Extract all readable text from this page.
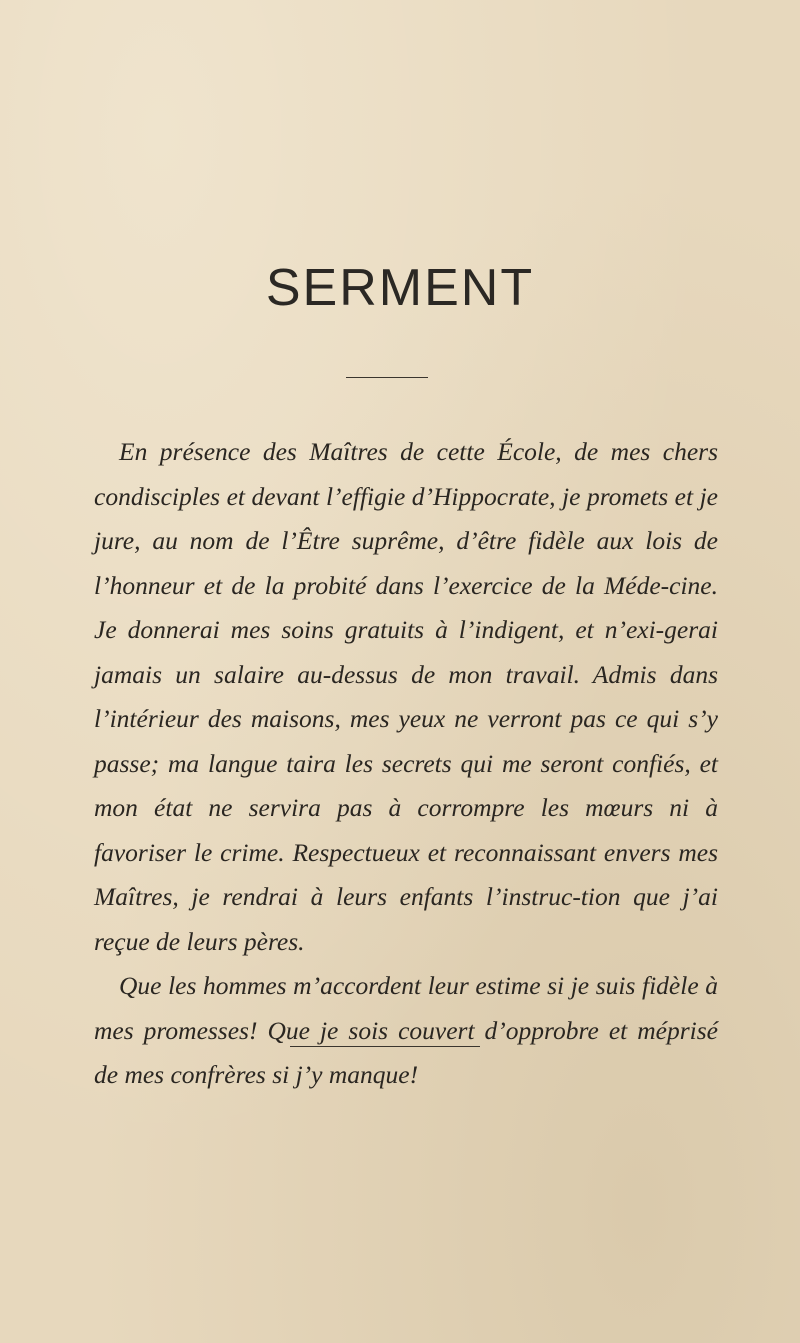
SERMENT

En présence des Maîtres de cette École, de mes chers condisciples et devant l’effigie d’Hippocrate, je promets et je jure, au nom de l’Être suprême, d’être fidèle aux lois de l’honneur et de la probité dans l’exercice de la Méde-cine. Je donnerai mes soins gratuits à l’indigent, et n’exi-gerai jamais un salaire au-dessus de mon travail. Admis dans l’intérieur des maisons, mes yeux ne verront pas ce qui s’y passe; ma langue taira les secrets qui me seront confiés, et mon état ne servira pas à corrompre les mœurs ni à favoriser le crime. Respectueux et reconnaissant envers mes Maîtres, je rendrai à leurs enfants l’instruc-tion que j’ai reçue de leurs pères.

Que les hommes m’accordent leur estime si je suis fidèle à mes promesses! Que je sois couvert d’opprobre et méprisé de mes confrères si j’y manque!
